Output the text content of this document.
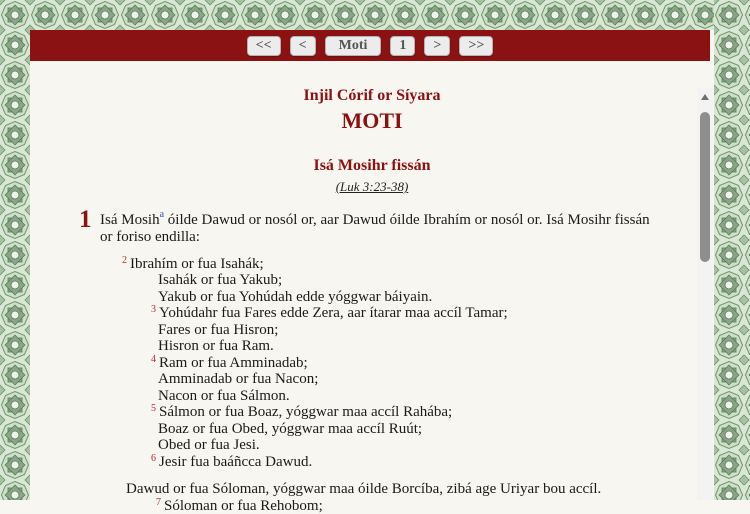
<<	<	Moti	1	>	>>
Injil Córif or Síyara
MOTI
Isá Mosihr fissán
(Luk 3:23-38)

1 Isá Mosih$^a$ óilde Dawud or nosól or, aar Dawud óilde Ibrahím or nosól or. Isá Mosihr fissán or foriso endilla:

$^2$ Ibrahím or fua Isahák;
Isahák or fua Yakub;
Yakub or fua Yohúdah edde yóggwar báiyain.
$^3$ Yohúdahr fua Fares edde Zera, aar ítarar maa accíl Tamar;
Fares or fua Hisron;
Hisron or fua Ram.
$^4$ Ram or fua Amminadab;
Amminadab or fua Nacon;
Nacon or fua Sálmon.
$^5$ Sálmon or fua Boaz, yóggwar maa accíl Rahába;
Boaz or fua Obed, yóggwar maa accíl Ruút;
Obed or fua Jesi.
$^6$ Jesir fua baáñcca Dawud.
Dawud or fua Sóloman, yóggwar maa óilde Borcíba, zibá age Uriyar bou accíl.
$^7$ Sóloman or fua Rehobom;
